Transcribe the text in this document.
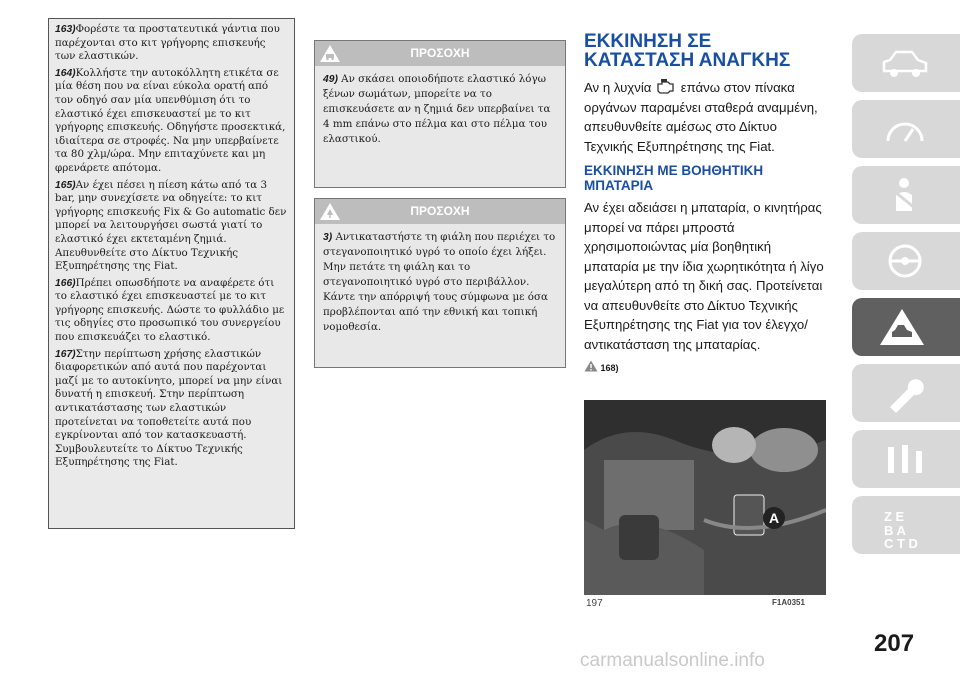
163)Φορέστε τα προστατευτικά γάντια που παρέχονται στο κιτ γρήγορης επισκευής των ελαστικών.

164)Κολλήστε την αυτοκόλλητη ετικέτα σε μία θέση που να είναι εύκολα ορατή από τον οδηγό σαν μία υπενθύμιση ότι το ελαστικό έχει επισκευαστεί με το κιτ γρήγορης επισκευής. Οδηγήστε προσεκτικά, ιδιαίτερα σε στροφές. Να μην υπερβαίνετε τα 80 χλμ/ώρα. Μην επιταχύνετε και μη φρενάρετε απότομα.

165)Αν έχει πέσει η πίεση κάτω από τα 3 bar, μην συνεχίσετε να οδηγείτε: το κιτ γρήγορης επισκευής Fix & Go automatic δεν μπορεί να λειτουργήσει σωστά γιατί το ελαστικό έχει εκτεταμένη ζημιά. Απευθυνθείτε στο Δίκτυο Τεχνικής Εξυπηρέτησης της Fiat.

166)Πρέπει οπωσδήποτε να αναφέρετε ότι το ελαστικό έχει επισκευαστεί με το κιτ γρήγορης επισκευής. Δώστε το φυλλάδιο με τις οδηγίες στο προσωπικό του συνεργείου που επισκευάζει το ελαστικό.

167)Στην περίπτωση χρήσης ελαστικών διαφορετικών από αυτά που παρέχονται μαζί με το αυτοκίνητο, μπορεί να μην είναι δυνατή η επισκευή. Στην περίπτωση αντικατάστασης των ελαστικών προτείνεται να τοποθετείτε αυτά που εγκρίνονται από τον κατασκευαστή. Συμβουλευτείτε το Δίκτυο Τεχνικής Εξυπηρέτησης της Fiat.

ΠΡΟΣΟΧΗ
49) Αν σκάσει οποιοδήποτε ελαστικό λόγω ξένων σωμάτων, μπορείτε να το επισκευάσετε αν η ζημιά δεν υπερβαίνει τα 4 mm επάνω στο πέλμα και στο πέλμα του ελαστικού.
ΠΡΟΣΟΧΗ
3) Αντικαταστήστε τη φιάλη που περιέχει το στεγανοποιητικό υγρό το οποίο έχει λήξει. Μην πετάτε τη φιάλη και το στεγανοποιητικό υγρό στο περιβάλλον. Κάντε την απόρριψή τους σύμφωνα με όσα προβλέπονται από την εθνική και τοπική νομοθεσία.
ΕΚΚΙΝΗΣΗ ΣΕ ΚΑΤΑΣΤΑΣΗ ΑΝΑΓΚΗΣ

Αν η λυχνία επάνω στον πίνακα οργάνων παραμένει σταθερά αναμμένη, απευθυνθείτε αμέσως στο Δίκτυο Τεχνικής Εξυπηρέτησης της Fiat.

ΕΚΚΙΝΗΣΗ ΜΕ ΒΟΗΘΗΤΙΚΗ ΜΠΑΤΑΡΙΑ

Αν έχει αδειάσει η μπαταρία, ο κινητήρας μπορεί να πάρει μπροστά χρησιμοποιώντας μία βοηθητική μπαταρία με την ίδια χωρητικότητα ή λίγο μεγαλύτερη από τη δική σας. Προτείνεται να απευθυνθείτε στο Δίκτυο Τεχνικής Εξυπηρέτησης της Fiat για τον έλεγχο/αντικατάσταση της μπαταρίας.

168)
A
197	F1A0351
Z E
B A
C T D
207
carmanualsonline.info
